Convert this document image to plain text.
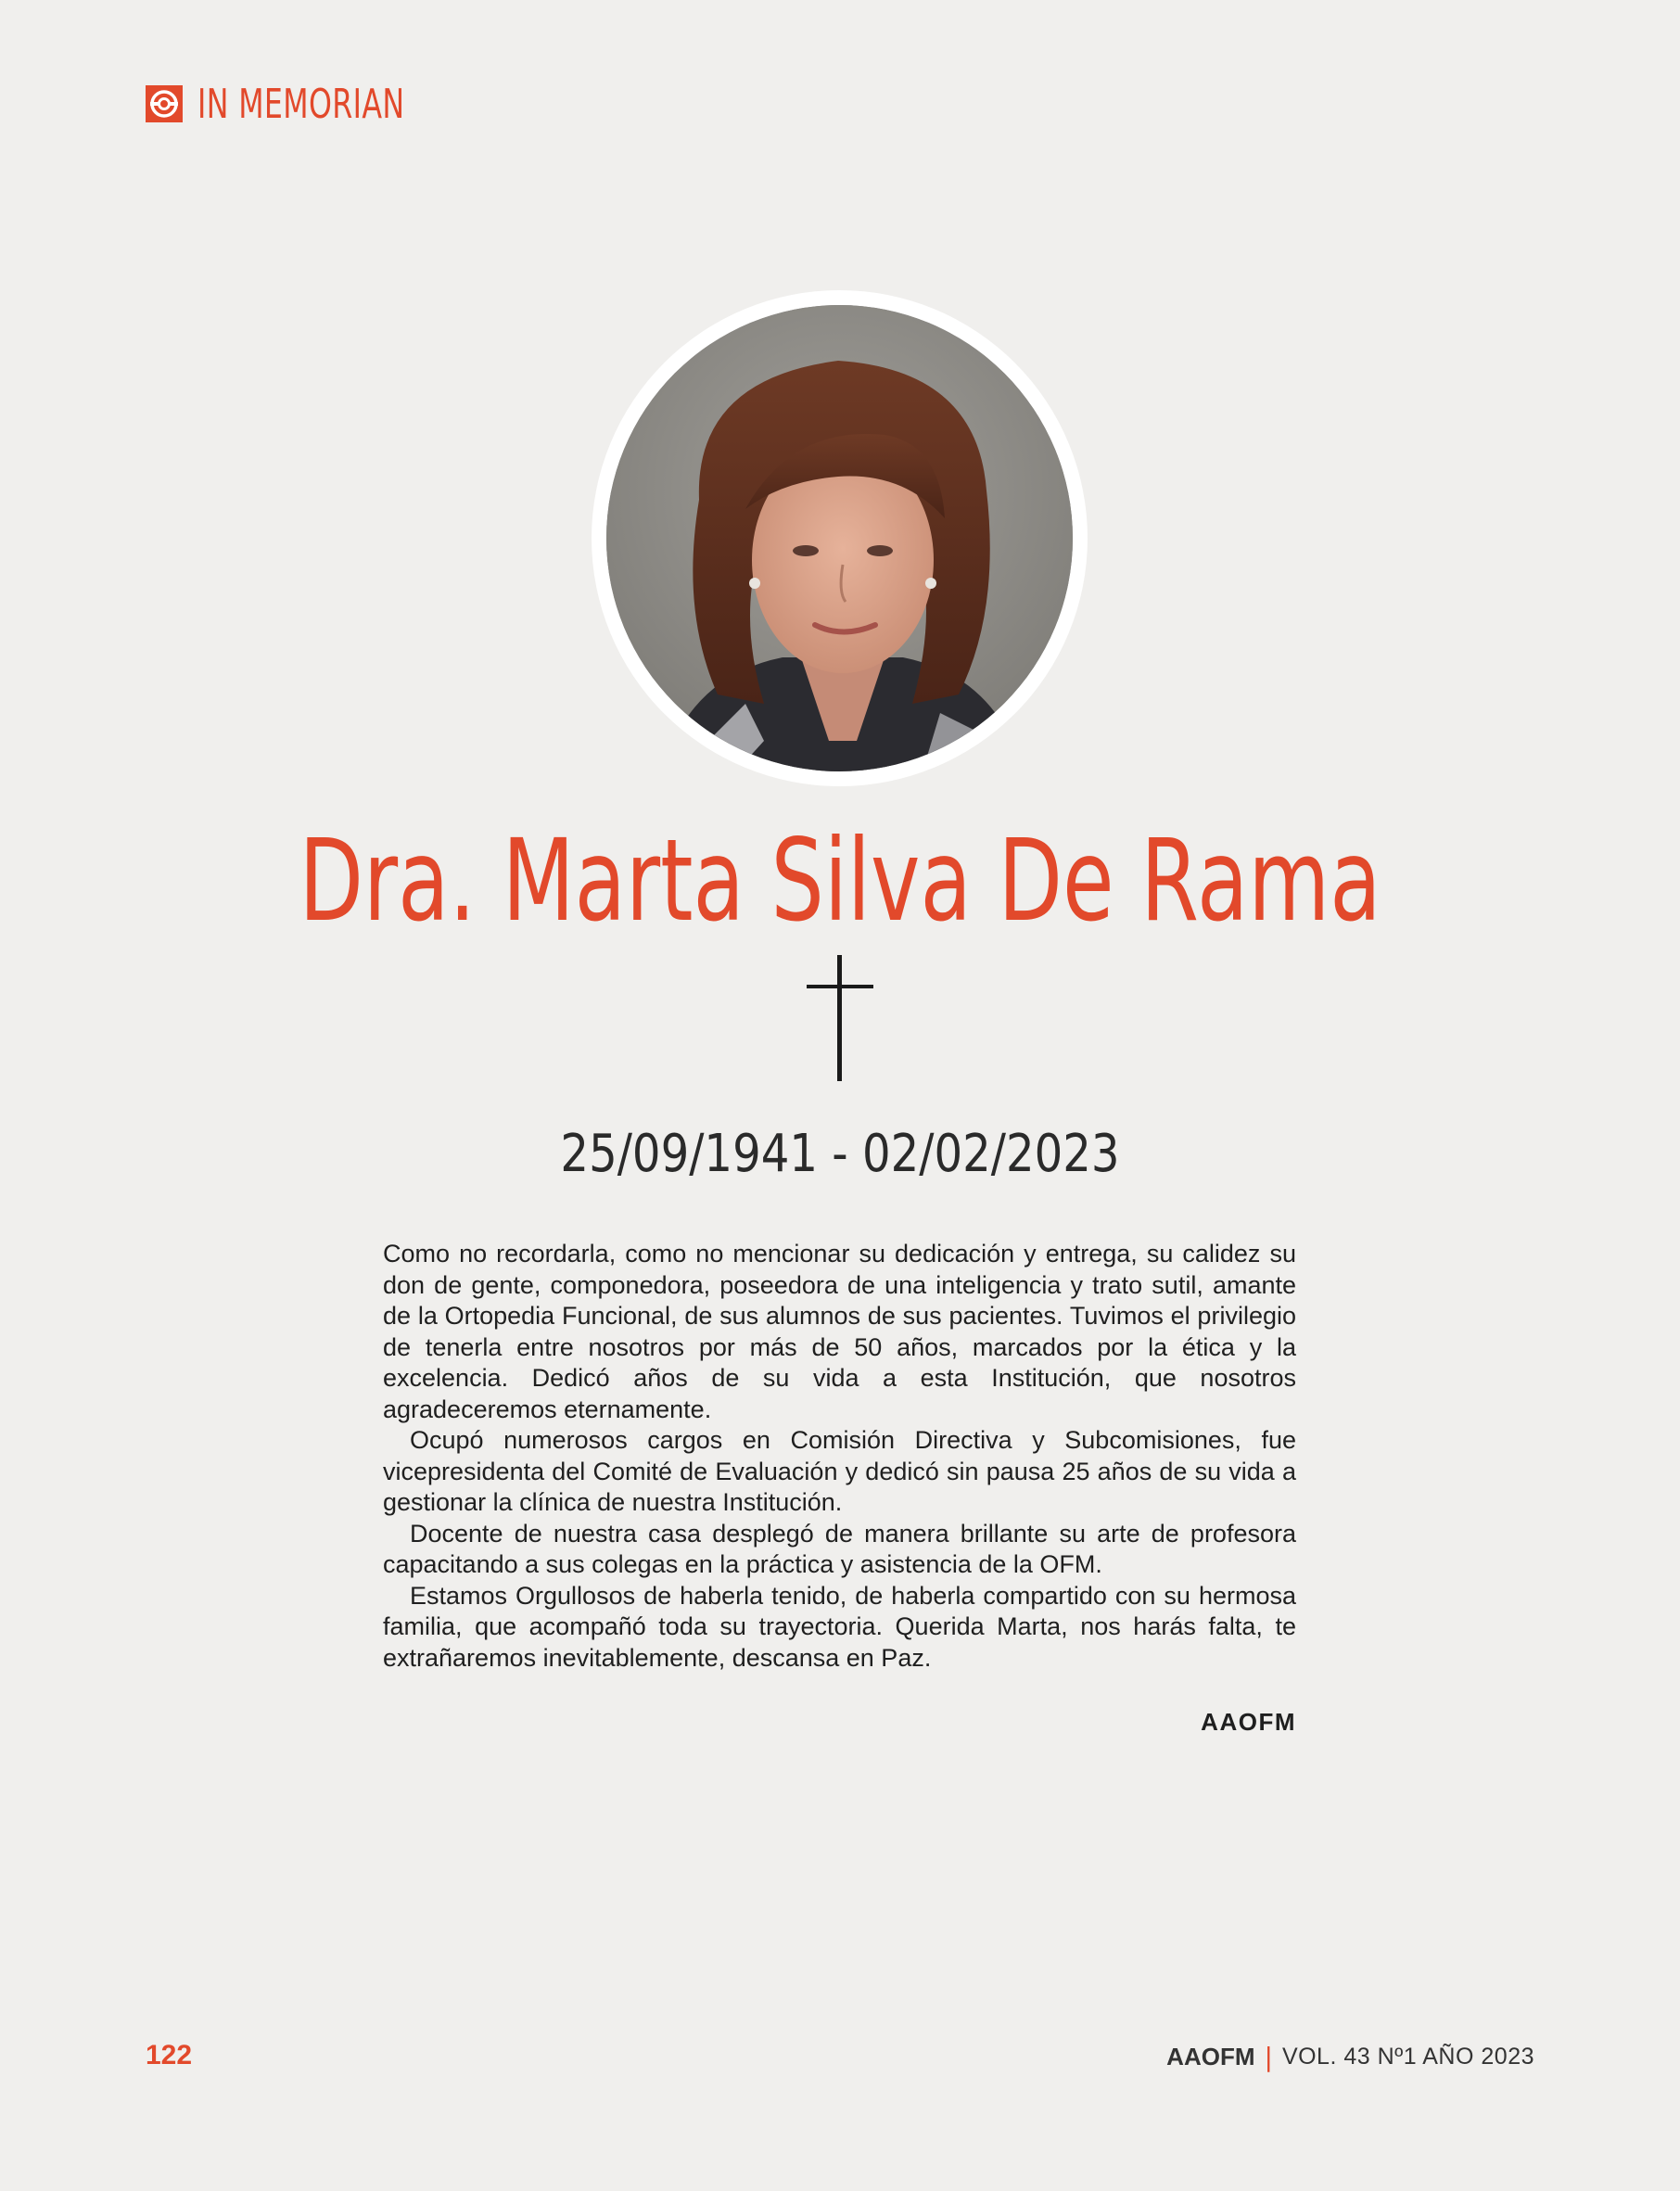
IN MEMORIAN
Dra. Marta Silva De Rama
25/09/1941 - 02/02/2023

Como no recordarla, como no mencionar su dedicación y entrega, su calidez su don de gente, componedora, poseedora de una inteligencia y trato sutil, amante de la Ortopedia Funcional, de sus alumnos de sus pacientes. Tuvimos el privilegio de tenerla entre nosotros por más de 50 años, marcados por la ética y la excelencia. Dedicó años de su vida a esta Institución, que nosotros agradeceremos eternamente.

Ocupó numerosos cargos en Comisión Directiva y Subcomisiones, fue vicepresidenta del Comité de Evaluación y dedicó sin pausa 25 años de su vida a gestionar la clínica de nuestra Institución.

Docente de nuestra casa desplegó de manera brillante su arte de profesora capacitando a sus colegas en la práctica y asistencia de la OFM.

Estamos Orgullosos de haberla tenido, de haberla compartido con su hermosa familia, que acompañó toda su trayectoria. Querida Marta, nos harás falta, te extrañaremos inevitablemente, descansa en Paz.

AAOFM
122	AAOFM | VOL. 43 Nº1 AÑO 2023
